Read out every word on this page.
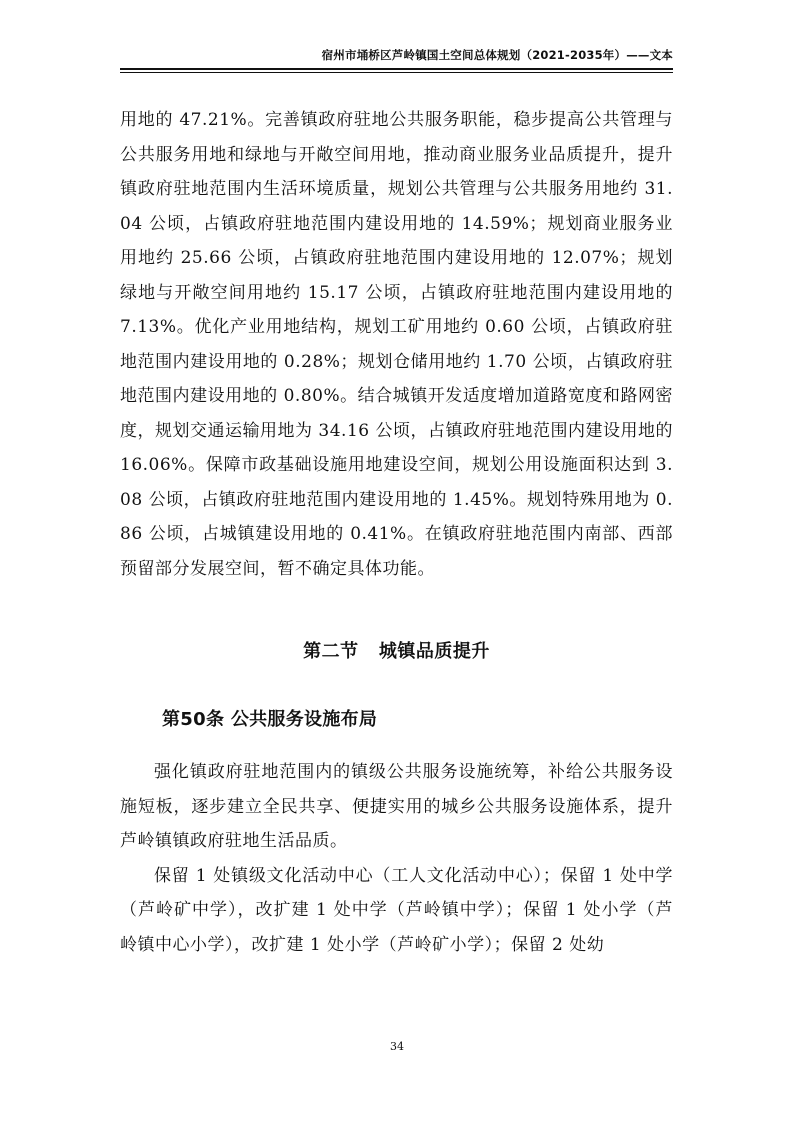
宿州市埇桥区芦岭镇国土空间总体规划（2021-2035年）——文本

用地的 47.21%。完善镇政府驻地公共服务职能，稳步提高公共管理与公共服务用地和绿地与开敞空间用地，推动商业服务业品质提升，提升镇政府驻地范围内生活环境质量，规划公共管理与公共服务用地约 31.04 公顷，占镇政府驻地范围内建设用地的 14.59%；规划商业服务业用地约 25.66 公顷，占镇政府驻地范围内建设用地的 12.07%；规划绿地与开敞空间用地约 15.17 公顷，占镇政府驻地范围内建设用地的 7.13%。优化产业用地结构，规划工矿用地约 0.60 公顷，占镇政府驻地范围内建设用地的 0.28%；规划仓储用地约 1.70 公顷，占镇政府驻地范围内建设用地的 0.80%。结合城镇开发适度增加道路宽度和路网密度，规划交通运输用地为 34.16 公顷，占镇政府驻地范围内建设用地的 16.06%。保障市政基础设施用地建设空间，规划公用设施面积达到 3.08 公顷，占镇政府驻地范围内建设用地的 1.45%。规划特殊用地为 0.86 公顷，占城镇建设用地的 0.41%。在镇政府驻地范围内南部、西部预留部分发展空间，暂不确定具体功能。

第二节   城镇品质提升
第50条 公共服务设施布局

强化镇政府驻地范围内的镇级公共服务设施统筹，补给公共服务设施短板，逐步建立全民共享、便捷实用的城乡公共服务设施体系，提升芦岭镇镇政府驻地生活品质。

保留 1 处镇级文化活动中心（工人文化活动中心）；保留 1 处中学（芦岭矿中学），改扩建 1 处中学（芦岭镇中学）；保留 1 处小学（芦岭镇中心小学），改扩建 1 处小学（芦岭矿小学）；保留 2 处幼

34
